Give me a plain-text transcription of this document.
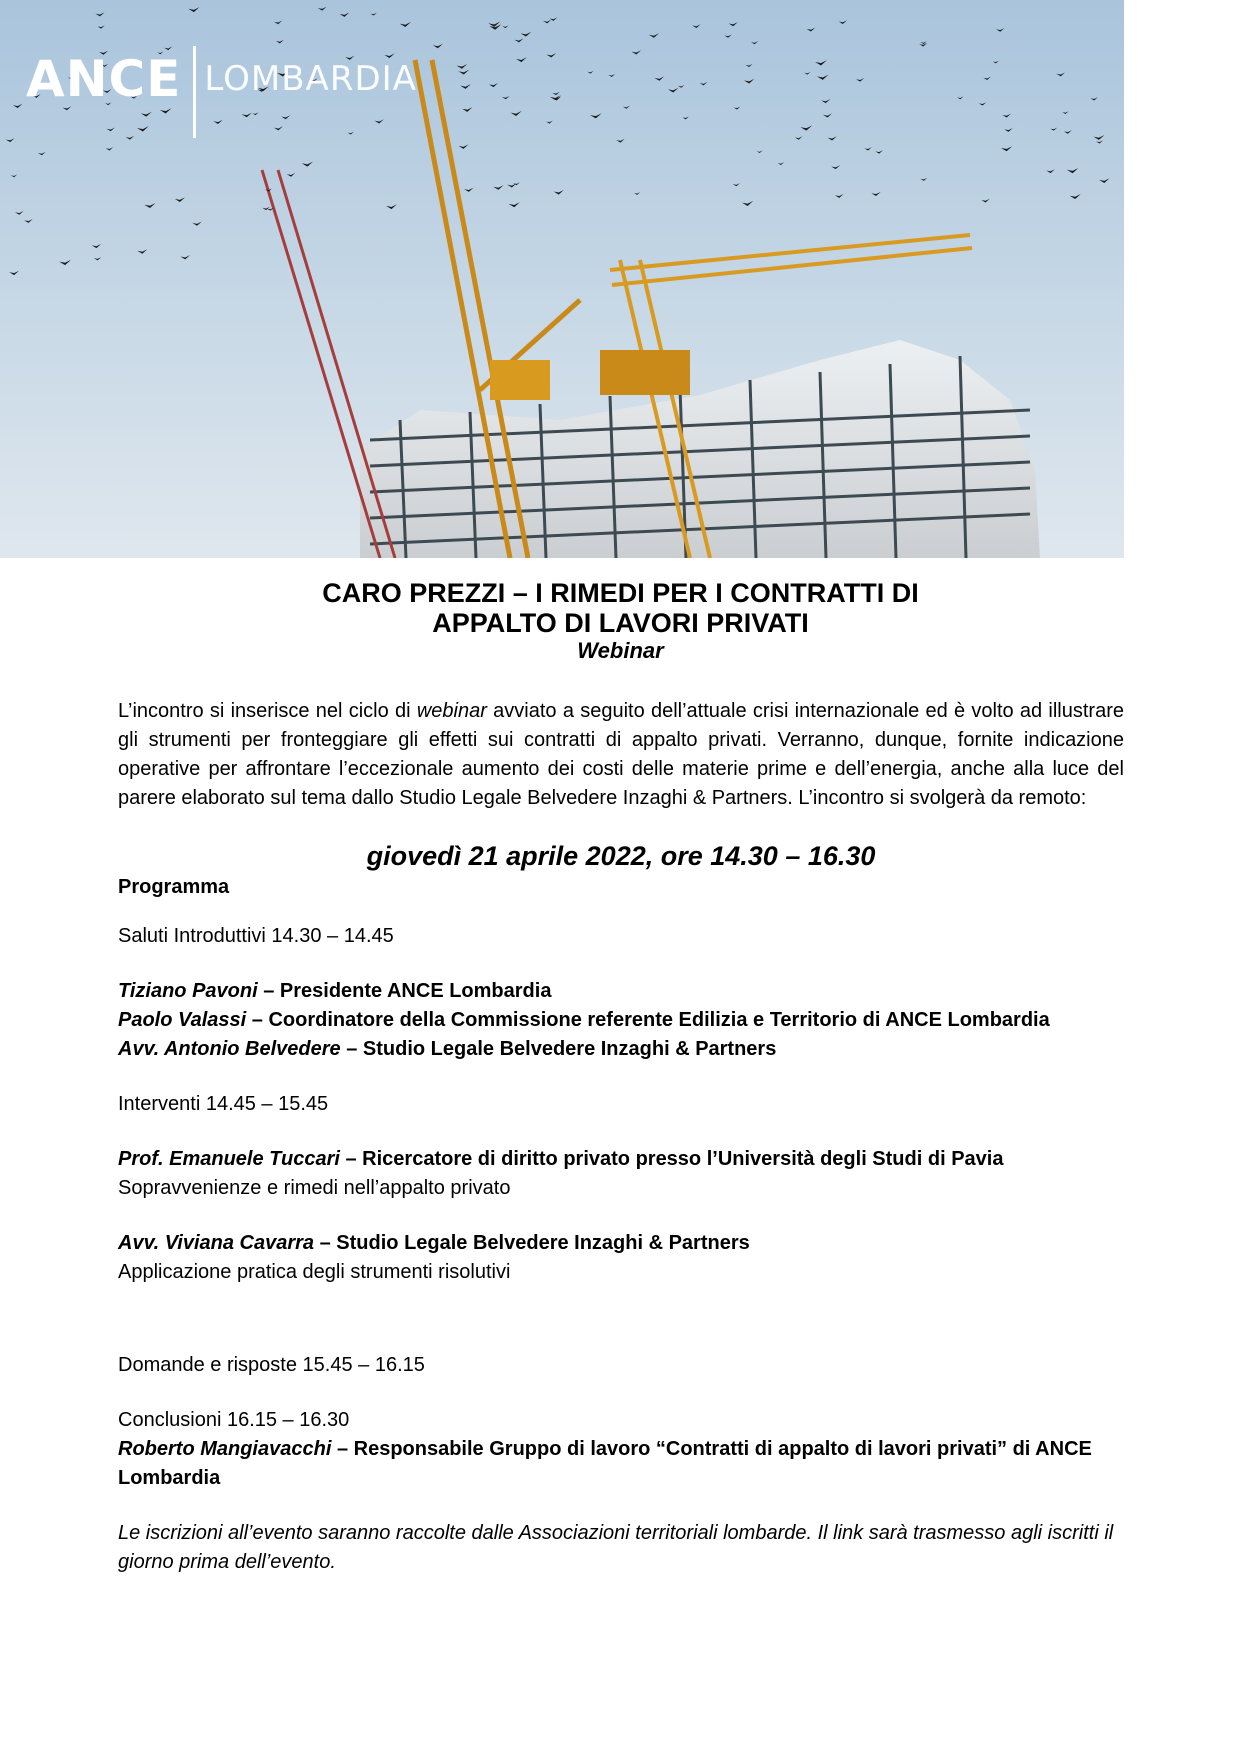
ANCE LOMBARDIA

CARO PREZZI – I RIMEDI PER I CONTRATTI DI

APPALTO DI LAVORI PRIVATI

Webinar

L’incontro si inserisce nel ciclo di webinar avviato a seguito dell’attuale crisi internazionale ed è volto ad illustrare gli strumenti per fronteggiare gli effetti sui contratti di appalto privati. Verranno, dunque, fornite indicazione operative per affrontare l’eccezionale aumento dei costi delle materie prime e dell’energia, anche alla luce del parere elaborato sul tema dallo Studio Legale Belvedere Inzaghi & Partners. L’incontro si svolgerà da remoto:

giovedì 21 aprile 2022, ore 14.30 – 16.30

Programma

Saluti Introduttivi 14.30 – 14.45

Tiziano Pavoni – Presidente ANCE Lombardia

Paolo Valassi – Coordinatore della Commissione referente Edilizia e Territorio di ANCE Lombardia

Avv. Antonio Belvedere – Studio Legale Belvedere Inzaghi & Partners

Interventi 14.45 – 15.45

Prof. Emanuele Tuccari – Ricercatore di diritto privato presso l’Università degli Studi di Pavia

Sopravvenienze e rimedi nell’appalto privato

Avv. Viviana Cavarra – Studio Legale Belvedere Inzaghi & Partners

Applicazione pratica degli strumenti risolutivi

Domande e risposte 15.45 – 16.15

Conclusioni 16.15 – 16.30

Roberto Mangiavacchi – Responsabile Gruppo di lavoro “Contratti di appalto di lavori privati” di ANCE Lombardia

Le iscrizioni all’evento saranno raccolte dalle Associazioni territoriali lombarde. Il link sarà trasmesso agli iscritti il giorno prima dell’evento.
